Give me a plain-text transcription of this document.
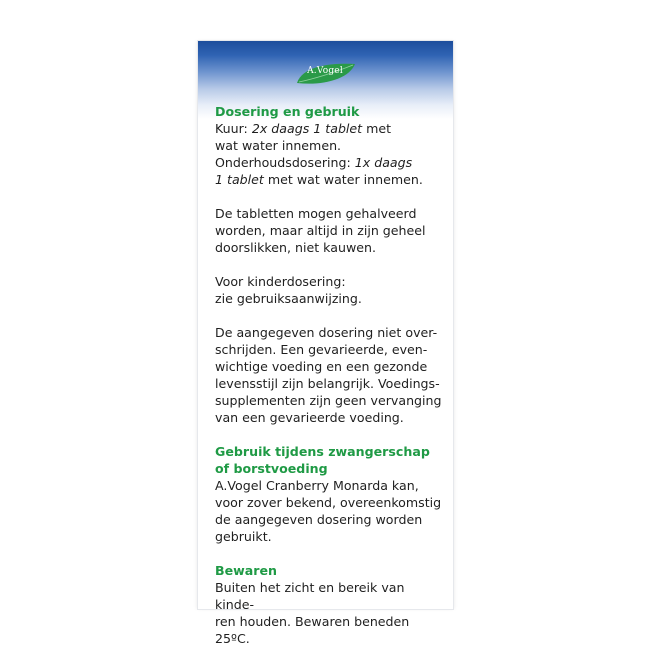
A.Vogel
Dosering en gebruik
Kuur: 2x daags 1 tablet met
wat water innemen.
Onderhoudsdosering: 1x daags
1 tablet met wat water innemen.
De tabletten mogen gehalveerd
worden, maar altijd in zijn geheel
doorslikken, niet kauwen.
Voor kinderdosering:
zie gebruiksaanwijzing.
De aangegeven dosering niet over-
schrijden. Een gevarieerde, even-
wichtige voeding en een gezonde
levensstijl zijn belangrijk. Voedings-
supplementen zijn geen vervanging
van een gevarieerde voeding.
Gebruik tijdens zwangerschap
of borstvoeding
A.Vogel Cranberry Monarda kan,
voor zover bekend, overeenkomstig
de aangegeven dosering worden
gebruikt.
Bewaren
Buiten het zicht en bereik van kinde-
ren houden. Bewaren beneden 25ºC.
